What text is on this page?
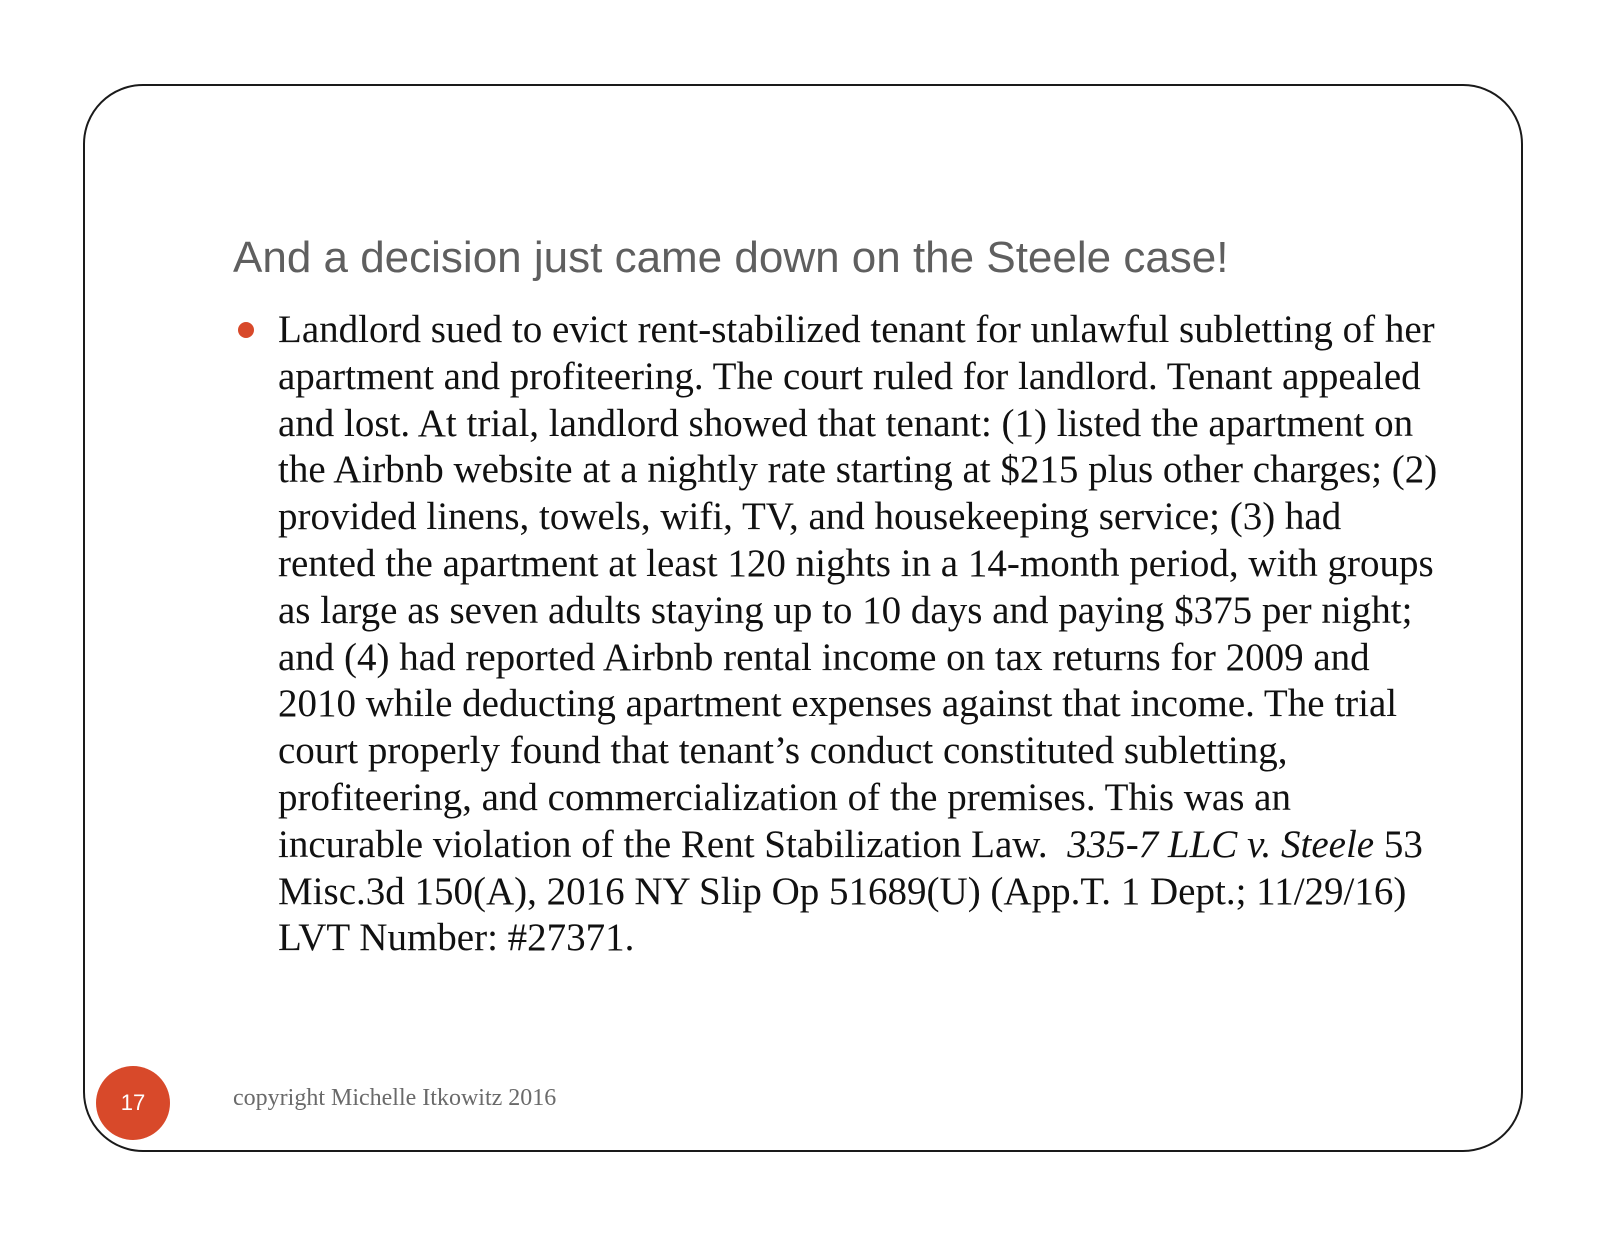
And a decision just came down on the Steele case!

Landlord sued to evict rent-stabilized tenant for unlawful subletting of her apartment and profiteering. The court ruled for landlord. Tenant appealed and lost. At trial, landlord showed that tenant: (1) listed the apartment on the Airbnb website at a nightly rate starting at $215 plus other charges; (2) provided linens, towels, wifi, TV, and housekeeping service; (3) had rented the apartment at least 120 nights in a 14-month period, with groups as large as seven adults staying up to 10 days and paying $375 per night; and (4) had reported Airbnb rental income on tax returns for 2009 and 2010 while deducting apartment expenses against that income. The trial court properly found that tenant’s conduct constituted subletting, profiteering, and commercialization of the premises. This was an incurable violation of the Rent Stabilization Law. 335-7 LLC v. Steele 53 Misc.3d 150(A), 2016 NY Slip Op 51689(U) (App.T. 1 Dept.; 11/29/16) LVT Number: #27371.

17	copyright Michelle Itkowitz 2016
